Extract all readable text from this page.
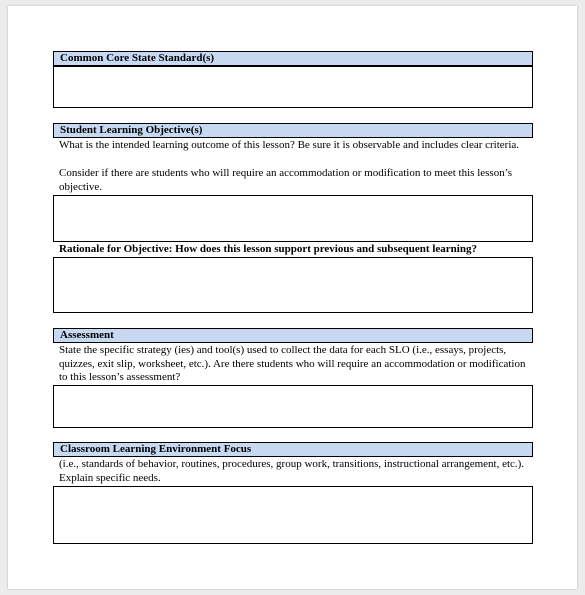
Common Core State Standard(s)
Student Learning Objective(s)
What is the intended learning outcome of this lesson? Be sure it is observable and includes clear criteria.
Consider if there are students who will require an accommodation or modification to meet this lesson’s objective.
Rationale for Objective: How does this lesson support previous and subsequent learning?
Assessment
State the specific strategy (ies) and tool(s) used to collect the data for each SLO (i.e., essays, projects, quizzes, exit slip, worksheet, etc.). Are there students who will require an accommodation or modification to this lesson’s assessment?
Classroom Learning Environment Focus
(i.e., standards of behavior, routines, procedures, group work, transitions, instructional arrangement, etc.). Explain specific needs.
